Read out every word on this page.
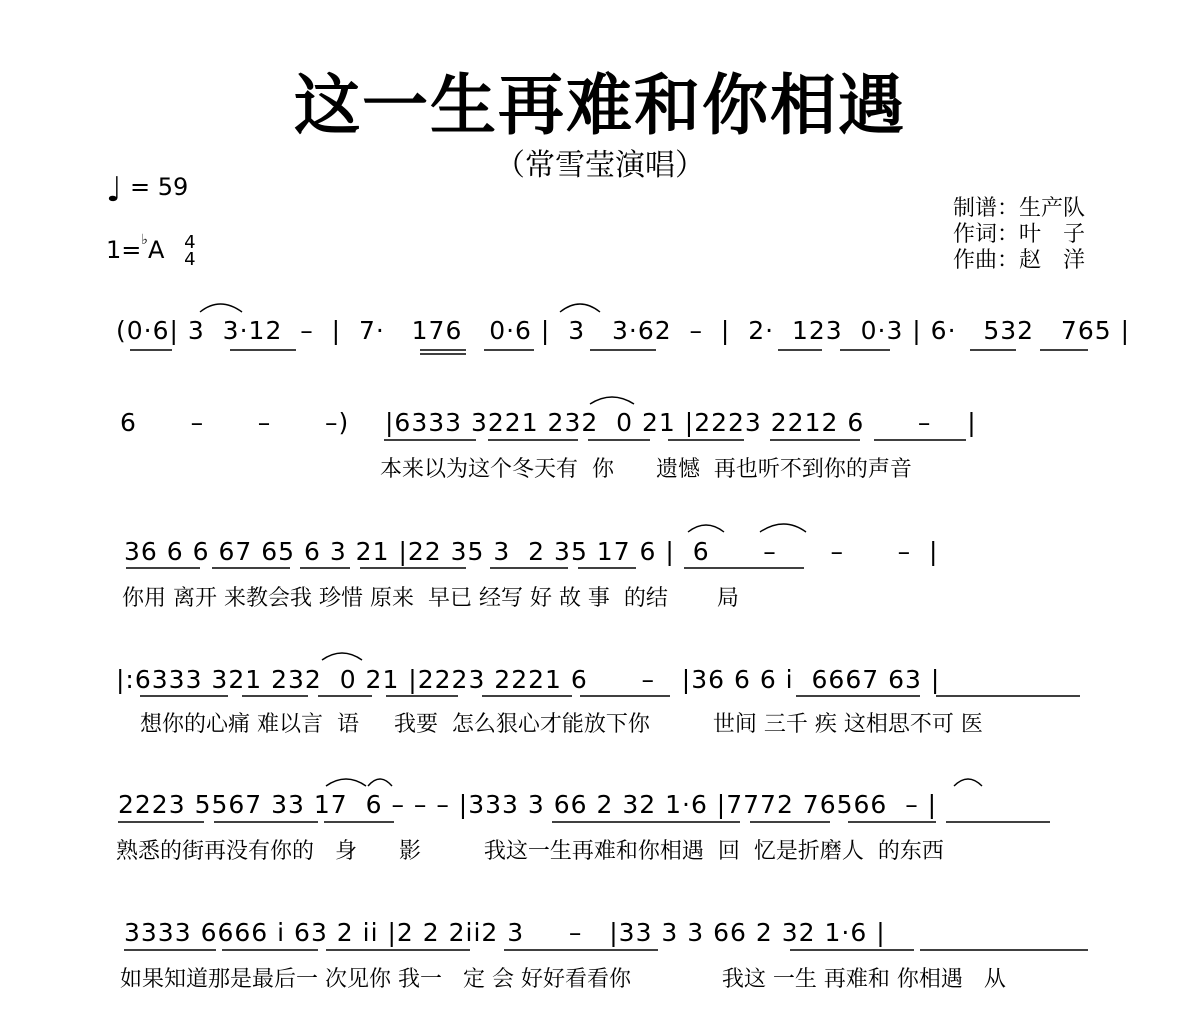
这一生再难和你相遇
（常雪莹演唱）
♩ = 59
1=♭A 4
4
制谱：生产队
作词：叶　子
作曲：赵　洋
(0·6| 3  3·12  –  |  7·   176   0·6 |  3   3·62  –  |  2·  123  0·3 | 6·   532   765 |
6      –      –      –)    |6333 3221 232  0 21 |2223 2212 6      –    |
本来以为这个冬天有  你      遗憾  再也听不到你的声音
36 6 6 67 65 6 3 21 |22 35 3  2 35 17 6 |  6      –      –      –  |
你用 离开 来教会我 珍惜 原来  早已 经写 好 故 事  的结       局
|:6333 321 232  0 21 |2223 2221 6      –   |36 6 6 i  6667 63 |
想你的心痛 难以言  语     我要  怎么狠心才能放下你         世间 三千 疾 这相思不可 医
2223 5567 33 17  6 – – – |333 3 66 2 32 1·6 |7772 76566  – |
熟悉的街再没有你的   身      影         我这一生再难和你相遇  回  忆是折磨人  的东西
3333 6666 i 63 2 ii |2 2 2ii2 3     –   |33 3 3 66 2 32 1·6 |
如果知道那是最后一 次见你 我一   定 会 好好看看你             我这 一生 再难和 你相遇   从
